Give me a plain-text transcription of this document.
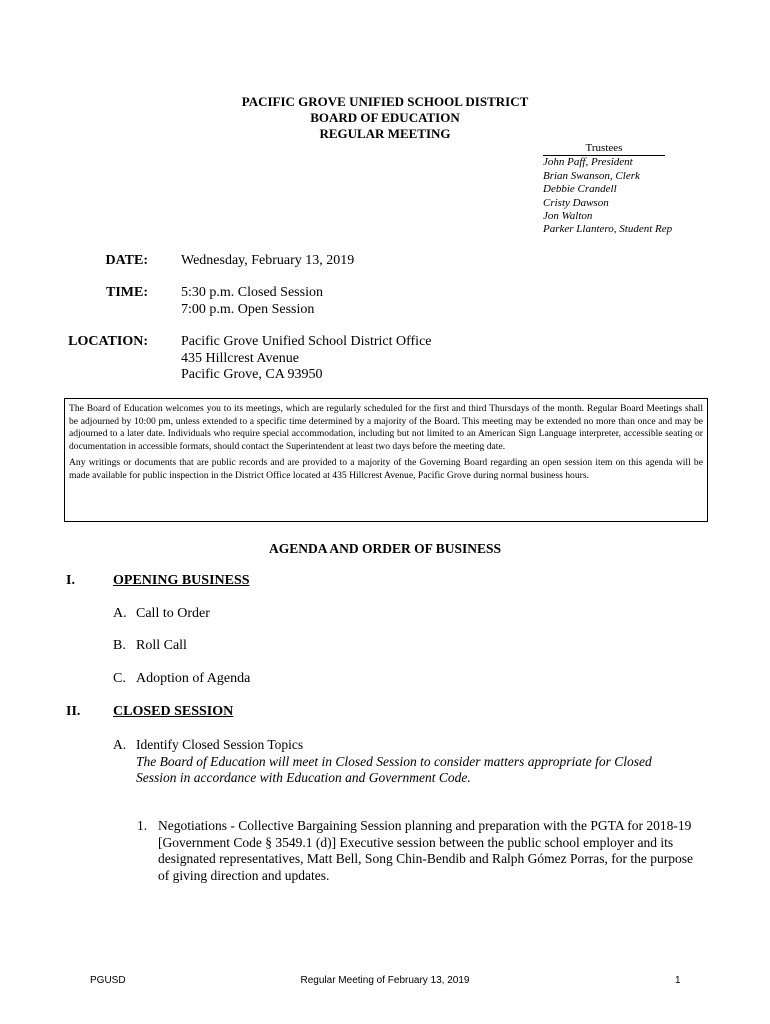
PACIFIC GROVE UNIFIED SCHOOL DISTRICT
BOARD OF EDUCATION
REGULAR MEETING
Trustees
John Paff, President
Brian Swanson, Clerk
Debbie Crandell
Cristy Dawson
Jon Walton
Parker Llantero, Student Rep
DATE: Wednesday, February 13, 2019
TIME: 5:30 p.m. Closed Session
7:00 p.m. Open Session
LOCATION: Pacific Grove Unified School District Office
435 Hillcrest Avenue
Pacific Grove, CA 93950

The Board of Education welcomes you to its meetings, which are regularly scheduled for the first and third Thursdays of the month. Regular Board Meetings shall be adjourned by 10:00 pm, unless extended to a specific time determined by a majority of the Board. This meeting may be extended no more than once and may be adjourned to a later date. Individuals who require special accommodation, including but not limited to an American Sign Language interpreter, accessible seating or documentation in accessible formats, should contact the Superintendent at least two days before the meeting date.

Any writings or documents that are public records and are provided to a majority of the Governing Board regarding an open session item on this agenda will be made available for public inspection in the District Office located at 435 Hillcrest Avenue, Pacific Grove during normal business hours.

AGENDA AND ORDER OF BUSINESS
I.	OPENING BUSINESS
A. Call to Order
B. Roll Call
C. Adoption of Agenda
II. CLOSED SESSION
A. Identify Closed Session Topics
The Board of Education will meet in Closed Session to consider matters appropriate for Closed Session in accordance with Education and Government Code.
1. Negotiations - Collective Bargaining Session planning and preparation with the PGTA for 2018-19 [Government Code § 3549.1 (d)] Executive session between the public school employer and its designated representatives, Matt Bell, Song Chin-Bendib and Ralph Gómez Porras, for the purpose of giving direction and updates.
PGUSD	Regular Meeting of February 13, 2019	1
